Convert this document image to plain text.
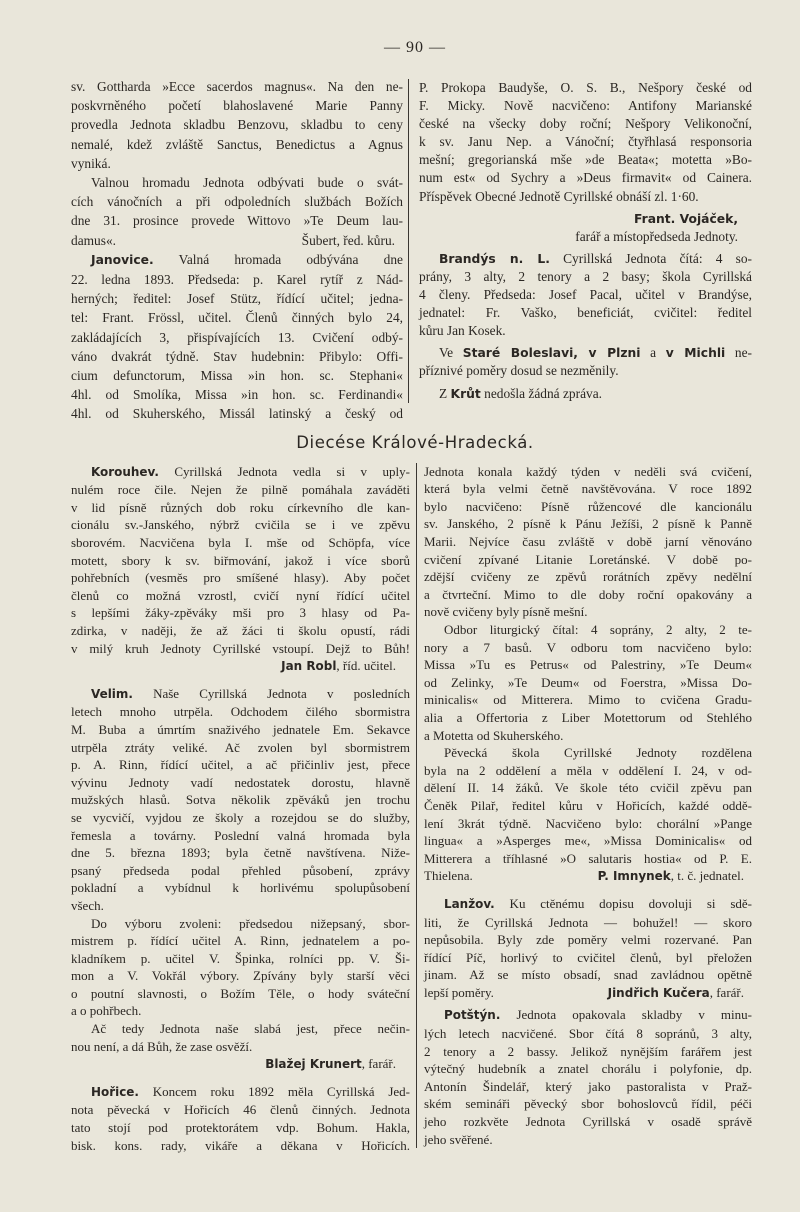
— 90 —
sv. Gottharda »Ecce sacerdos magnus«. Na den ne-
poskvrněného početí blahoslavené Marie Panny
provedla Jednota skladbu Benzovu, skladbu to ceny
nemalé, kdež zvláště Sanctus, Benedictus a Agnus
vyniká.
Valnou hromadu Jednota odbývati bude o svát-
cích vánočních a při odpoledních službách Božích
dne 31. prosince provede Wittovo »Te Deum lau-
damus«.	Šubert, řed. kůru.
Janovice. Valná hromada odbývána dne
22. ledna 1893. Předseda: p. Karel rytíř z Nád-
herných; ředitel: Josef Stütz, řídící učitel; jedna-
tel: Frant. Frössl, učitel. Členů činných bylo 24,
zakládajících 3, přispívajících 13. Cvičení odbý-
váno dvakrát týdně. Stav hudebnin: Přibylo: Offi-
cium defunctorum, Missa »in hon. sc. Stephani«
4hl. od Smolíka, Missa »in hon. sc. Ferdinandi«
4hl. od Skuherského, Missál latinský a český od
P. Prokopa Baudyše, O. S. B., Nešpory české od
F. Micky. Nově nacvičeno: Antifony Marianské
české na všecky doby roční; Nešpory Velikonoční,
k sv. Janu Nep. a Vánoční; čtyřhlasá responsoria
mešní; gregorianská mše »de Beata«; motetta »Bo-
num est« od Sychry a »Deus firmavit« od Cainera.
Příspěvek Obecné Jednotě Cyrillské obnáší zl. 1·60.
Frant. Vojáček,
farář a místopředseda Jednoty.
Brandýs n. L. Cyrillská Jednota čítá: 4 so-
prány, 3 alty, 2 tenory a 2 basy; škola Cyrillská
4 členy. Předseda: Josef Pacal, učitel v Brandýse,
jednatel: Fr. Vaško, beneficiát, cvičitel: ředitel
kůru Jan Kosek.
Ve Staré Boleslavi, v Plzni a v Michli ne-
příznivé poměry dosud se nezměnily.
Z Krůt nedošla žádná zpráva.
Diecése Králové-Hradecká.
Korouhev. Cyrillská Jednota vedla si v uply-
nulém roce čile. Nejen že pilně pomáhala zaváděti
v lid písně různých dob roku církevního dle kan-
cionálu sv.-Janského, nýbrž cvičila se i ve zpěvu
sborovém. Nacvičena byla I. mše od Schöpfa, více
motett, sbory k sv. biřmování, jakož i více sborů
pohřebních (vesměs pro smíšené hlasy). Aby počet
členů co možná vzrostl, cvičí nyní řídící učitel
s lepšími žáky-zpěváky mši pro 3 hlasy od Pa-
zdirka, v naději, že až žáci ti školu opustí, rádi
v milý kruh Jednoty Cyrillské vstoupí. Dejž to Bůh!
Jan Robl, říd. učitel.
Velim. Naše Cyrillská Jednota v posledních
letech mnoho utrpěla. Odchodem čilého sbormistra
M. Buba a úmrtím snaživého jednatele Em. Sekavce
utrpěla ztráty veliké. Ač zvolen byl sbormistrem
p. A. Rinn, řídící učitel, a ač přičinliv jest, přece
vývinu Jednoty vadí nedostatek dorostu, hlavně
mužských hlasů. Sotva několik zpěváků jen trochu
se vycvičí, vyjdou ze školy a rozejdou se do služby,
řemesla a továrny. Poslední valná hromada byla
dne 5. března 1893; byla četně navštívena. Niže-
psaný předseda podal přehled působení, zprávy
pokladní a vybídnul k horlivému spolupůsobení
všech.
Do výboru zvoleni: předsedou nižepsaný, sbor-
mistrem p. řídící učitel A. Rinn, jednatelem a po-
kladníkem p. učitel V. Špinka, rolníci pp. V. Ši-
mon a V. Vokřál výbory. Zpívány byly starší věci
o poutní slavnosti, o Božím Těle, o hody sváteční
a o pohřbech.
Ač tedy Jednota naše slabá jest, přece nečin-
nou není, a dá Bůh, že zase osvěží.
Blažej Krunert, farář.
Hořice. Koncem roku 1892 měla Cyrillská Jed-
nota pěvecká v Hořicích 46 členů činných. Jednota
tato stojí pod protektorátem vdp. Bohum. Hakla,
bisk. kons. rady, vikáře a děkana v Hořicích.
Jednota konala každý týden v neděli svá cvičení,
která byla velmi četně navštěvována. V roce 1892
bylo nacvičeno: Písně růžencové dle kancionálu
sv. Janského, 2 písně k Pánu Ježíši, 2 písně k Panně
Marii. Nejvíce času zvláště v době jarní věnováno
cvičení zpívané Litanie Loretánské. V době po-
zdější cvičeny ze zpěvů rorátních zpěvy nedělní
a čtvrteční. Mimo to dle doby roční opakovány a
nově cvičeny byly písně mešní.
Odbor liturgický čítal: 4 soprány, 2 alty, 2 te-
nory a 7 basů. V odboru tom nacvičeno bylo:
Missa »Tu es Petrus« od Palestriny, »Te Deum«
od Zelinky, »Te Deum« od Foerstra, »Missa Do-
minicalis« od Mitterera. Mimo to cvičena Gradu-
alia a Offertoria z Liber Motettorum od Stehlého
a Motetta od Skuherského.
Pěvecká škola Cyrillské Jednoty rozdělena
byla na 2 oddělení a měla v oddělení I. 24, v od-
dělení II. 14 žáků. Ve škole této cvičil zpěvu pan
Čeněk Pilař, ředitel kůru v Hořicích, každé oddě-
lení 3krát týdně. Nacvičeno bylo: chorální »Pange
lingua« a »Asperges me«, »Missa Dominicalis« od
Mitterera a tříhlasné »O salutaris hostia« od P. E.
Thielena.	P. Imnynek, t. č. jednatel.
Lanžov. Ku ctěnému dopisu dovoluji si sdě-
liti, že Cyrillská Jednota — bohužel! — skoro
nepůsobila. Byly zde poměry velmi rozervané. Pan
řídící Píč, horlivý to cvičitel členů, byl přeložen
jinam. Až se místo obsadí, snad zavládnou opětně
lepší poměry.	Jindřich Kučera, farář.
Potštýn. Jednota opakovala skladby v minu-
lých letech nacvičené. Sbor čítá 8 sopránů, 3 alty,
2 tenory a 2 bassy. Jelikož nynějším farářem jest
výtečný hudebník a znatel chorálu i polyfonie, dp.
Antonín Šindelář, který jako pastoralista v Praž-
ském semináři pěvecký sbor bohoslovců řídil, péči
jeho rozkvěte Jednota Cyrillská v osadě správě
jeho svěřené.
